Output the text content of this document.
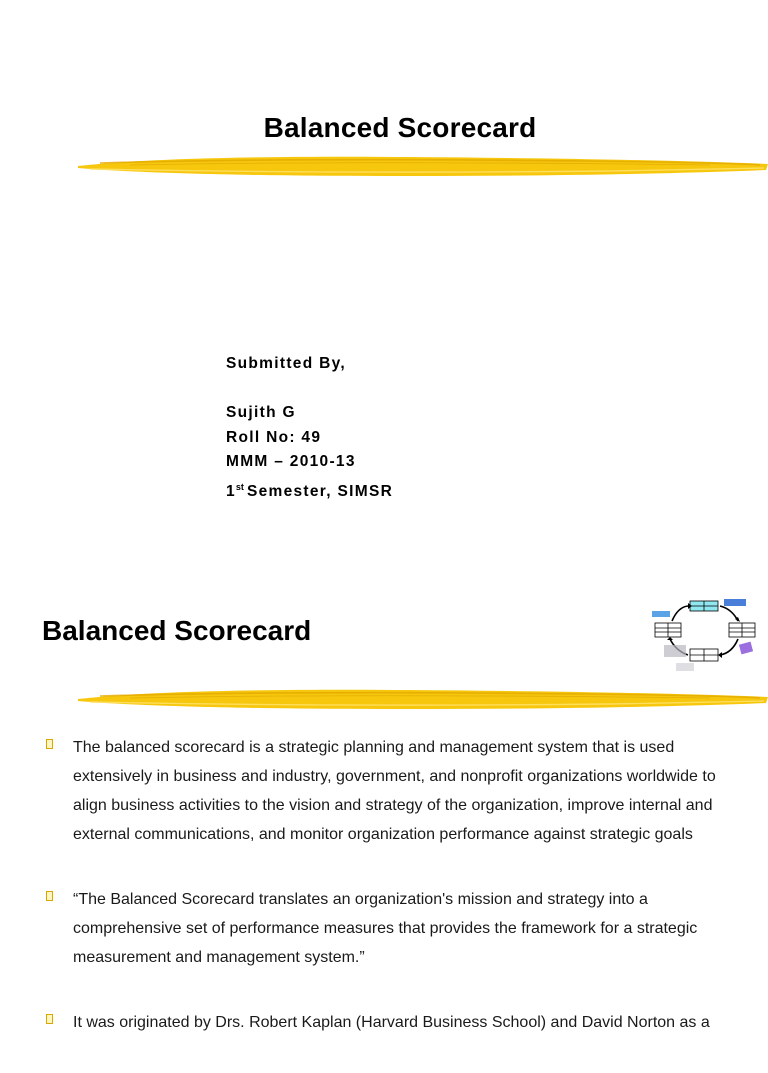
Balanced Scorecard
Submitted By,
Sujith G
Roll No: 49
MMM – 2010-13
1st Semester, SIMSR
Balanced Scorecard
The balanced scorecard is a strategic planning and management system that is used extensively in business and industry, government, and nonprofit organizations worldwide to align business activities to the vision and strategy of the organization, improve internal and external communications, and monitor organization performance against strategic goals
“The Balanced Scorecard translates an organization's mission and strategy into a comprehensive set of performance measures that provides the framework for a strategic measurement and management system.”
It was originated by Drs. Robert Kaplan (Harvard Business School) and David Norton as a
